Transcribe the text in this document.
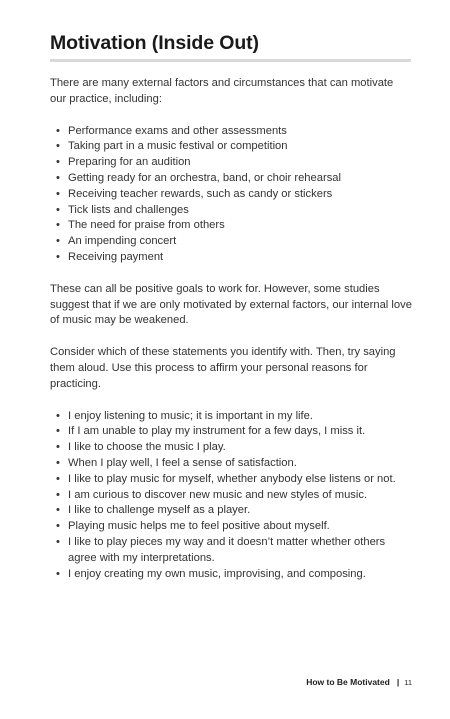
Motivation (Inside Out)

There are many external factors and circumstances that can motivate our practice, including:

• Performance exams and other assessments
• Taking part in a music festival or competition
• Preparing for an audition
• Getting ready for an orchestra, band, or choir rehearsal
• Receiving teacher rewards, such as candy or stickers
• Tick lists and challenges
• The need for praise from others
• An impending concert
• Receiving payment

These can all be positive goals to work for. However, some studies suggest that if we are only motivated by external factors, our internal love of music may be weakened.

Consider which of these statements you identify with. Then, try saying them aloud. Use this process to affirm your personal reasons for practicing.

• I enjoy listening to music; it is important in my life.
• If I am unable to play my instrument for a few days, I miss it.
• I like to choose the music I play.
• When I play well, I feel a sense of satisfaction.
• I like to play music for myself, whether anybody else listens or not.
• I am curious to discover new music and new styles of music.
• I like to challenge myself as a player.
• Playing music helps me to feel positive about myself.
• I like to play pieces my way and it doesn’t matter whether others agree with my interpretations.
• I enjoy creating my own music, improvising, and composing.
How to Be Motivated | 11
